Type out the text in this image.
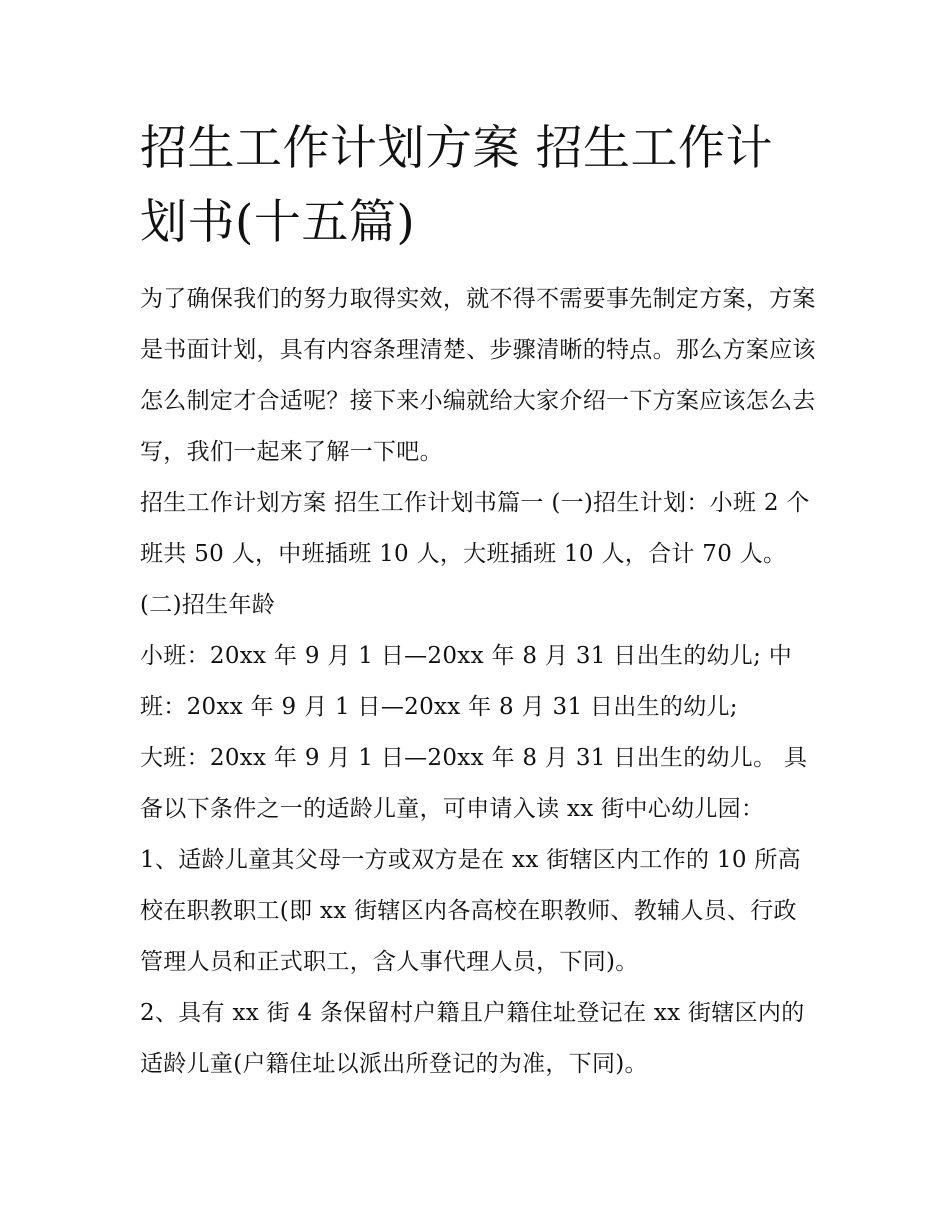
招生工作计划方案 招生工作计划书(十五篇)

为了确保我们的努力取得实效，就不得不需要事先制定方案，方案是书面计划，具有内容条理清楚、步骤清晰的特点。那么方案应该怎么制定才合适呢？接下来小编就给大家介绍一下方案应该怎么去写，我们一起来了解一下吧。

招生工作计划方案 招生工作计划书篇一 (一)招生计划：小班 2 个班共 50 人，中班插班 10 人，大班插班 10 人，合计 70 人。

(二)招生年龄

小班：20xx 年 9 月 1 日—20xx 年 8 月 31 日出生的幼儿; 中班：20xx 年 9 月 1 日—20xx 年 8 月 31 日出生的幼儿;

大班：20xx 年 9 月 1 日—20xx 年 8 月 31 日出生的幼儿。 具备以下条件之一的适龄儿童，可申请入读 xx 街中心幼儿园：

1、适龄儿童其父母一方或双方是在 xx 街辖区内工作的 10 所高校在职教职工(即 xx 街辖区内各高校在职教师、教辅人员、行政管理人员和正式职工，含人事代理人员，下同)。

2、具有 xx 街 4 条保留村户籍且户籍住址登记在 xx 街辖区内的适龄儿童(户籍住址以派出所登记的为准，下同)。
